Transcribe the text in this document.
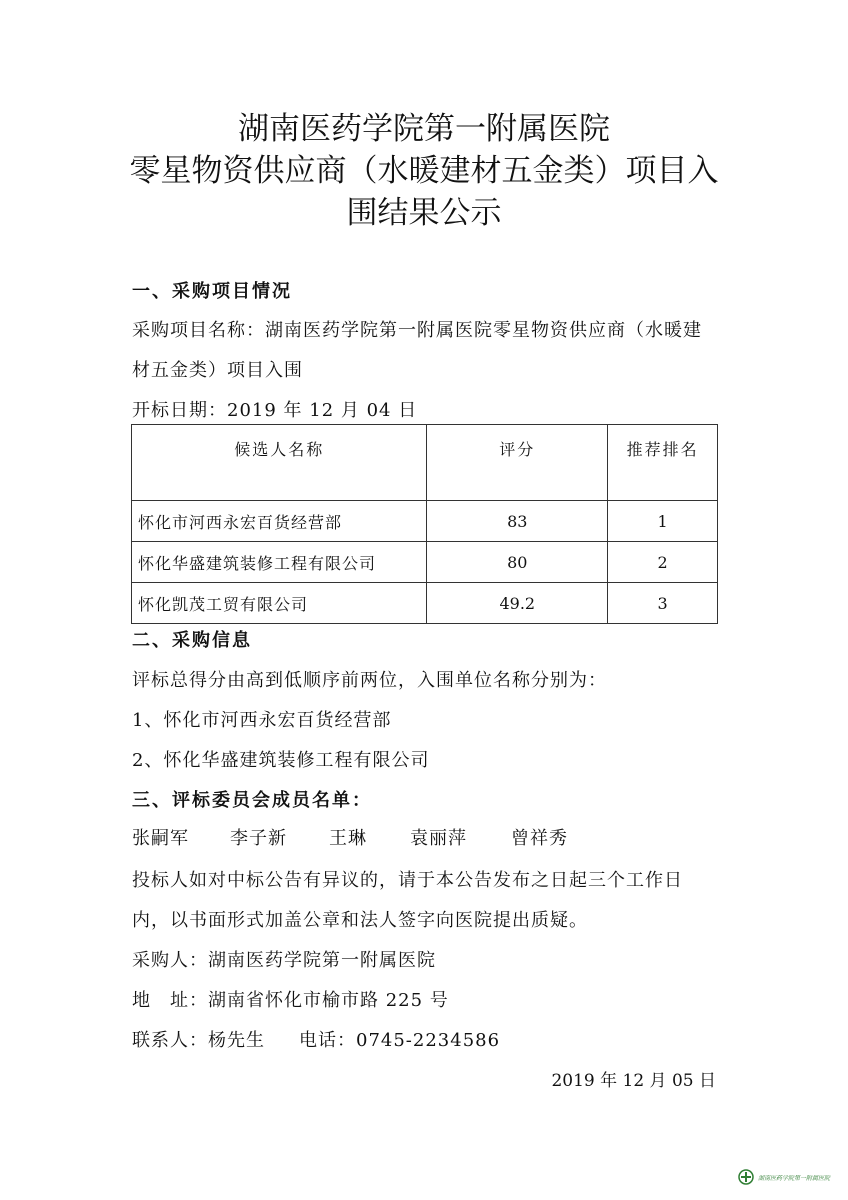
湖南医药学院第一附属医院
零星物资供应商（水暖建材五金类）项目入
围结果公示
一、采购项目情况
采购项目名称：湖南医药学院第一附属医院零星物资供应商（水暖建
材五金类）项目入围
开标日期：2019 年 12 月 04 日
候选人名称	评分	推荐排名
怀化市河西永宏百货经营部	83	1
怀化华盛建筑装修工程有限公司	80	2
怀化凯茂工贸有限公司	49.2	3
二、采购信息
评标总得分由高到低顺序前两位，入围单位名称分别为：
1、怀化市河西永宏百货经营部
2、怀化华盛建筑装修工程有限公司
三、评标委员会成员名单：
张嗣军 李子新 王琳 袁丽萍 曾祥秀
投标人如对中标公告有异议的，请于本公告发布之日起三个工作日
内，以书面形式加盖公章和法人签字向医院提出质疑。
采购人：湖南医药学院第一附属医院
地　址：湖南省怀化市榆市路 225 号
联系人：杨先生 电话：0745-2234586
2019 年 12 月 05 日
湖南医药学院第一附属医院
